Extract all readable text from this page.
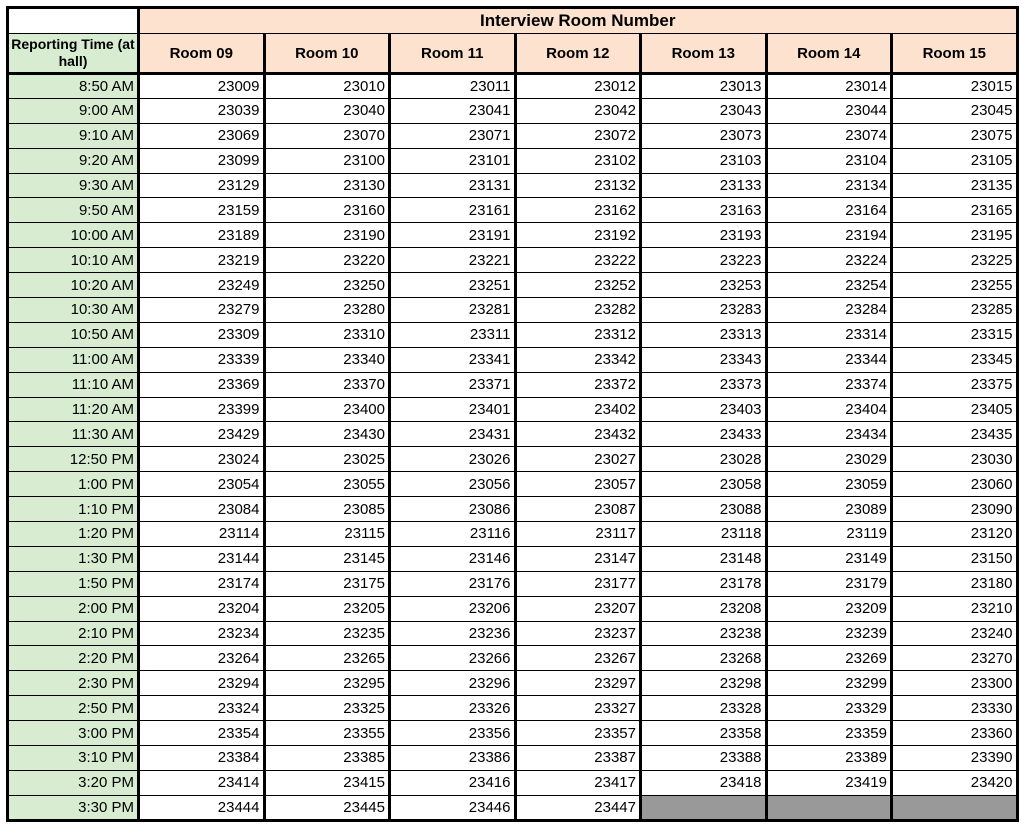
	Interview Room Number						
Reporting Time (at hall)	Room 09	Room 10	Room 11	Room 12	Room 13	Room 14	Room 15
8:50 AM	23009	23010	23011	23012	23013	23014	23015
9:00 AM	23039	23040	23041	23042	23043	23044	23045
9:10 AM	23069	23070	23071	23072	23073	23074	23075
9:20 AM	23099	23100	23101	23102	23103	23104	23105
9:30 AM	23129	23130	23131	23132	23133	23134	23135
9:50 AM	23159	23160	23161	23162	23163	23164	23165
10:00 AM	23189	23190	23191	23192	23193	23194	23195
10:10 AM	23219	23220	23221	23222	23223	23224	23225
10:20 AM	23249	23250	23251	23252	23253	23254	23255
10:30 AM	23279	23280	23281	23282	23283	23284	23285
10:50 AM	23309	23310	23311	23312	23313	23314	23315
11:00 AM	23339	23340	23341	23342	23343	23344	23345
11:10 AM	23369	23370	23371	23372	23373	23374	23375
11:20 AM	23399	23400	23401	23402	23403	23404	23405
11:30 AM	23429	23430	23431	23432	23433	23434	23435
12:50 PM	23024	23025	23026	23027	23028	23029	23030
1:00 PM	23054	23055	23056	23057	23058	23059	23060
1:10 PM	23084	23085	23086	23087	23088	23089	23090
1:20 PM	23114	23115	23116	23117	23118	23119	23120
1:30 PM	23144	23145	23146	23147	23148	23149	23150
1:50 PM	23174	23175	23176	23177	23178	23179	23180
2:00 PM	23204	23205	23206	23207	23208	23209	23210
2:10 PM	23234	23235	23236	23237	23238	23239	23240
2:20 PM	23264	23265	23266	23267	23268	23269	23270
2:30 PM	23294	23295	23296	23297	23298	23299	23300
2:50 PM	23324	23325	23326	23327	23328	23329	23330
3:00 PM	23354	23355	23356	23357	23358	23359	23360
3:10 PM	23384	23385	23386	23387	23388	23389	23390
3:20 PM	23414	23415	23416	23417	23418	23419	23420
3:30 PM	23444	23445	23446	23447			
